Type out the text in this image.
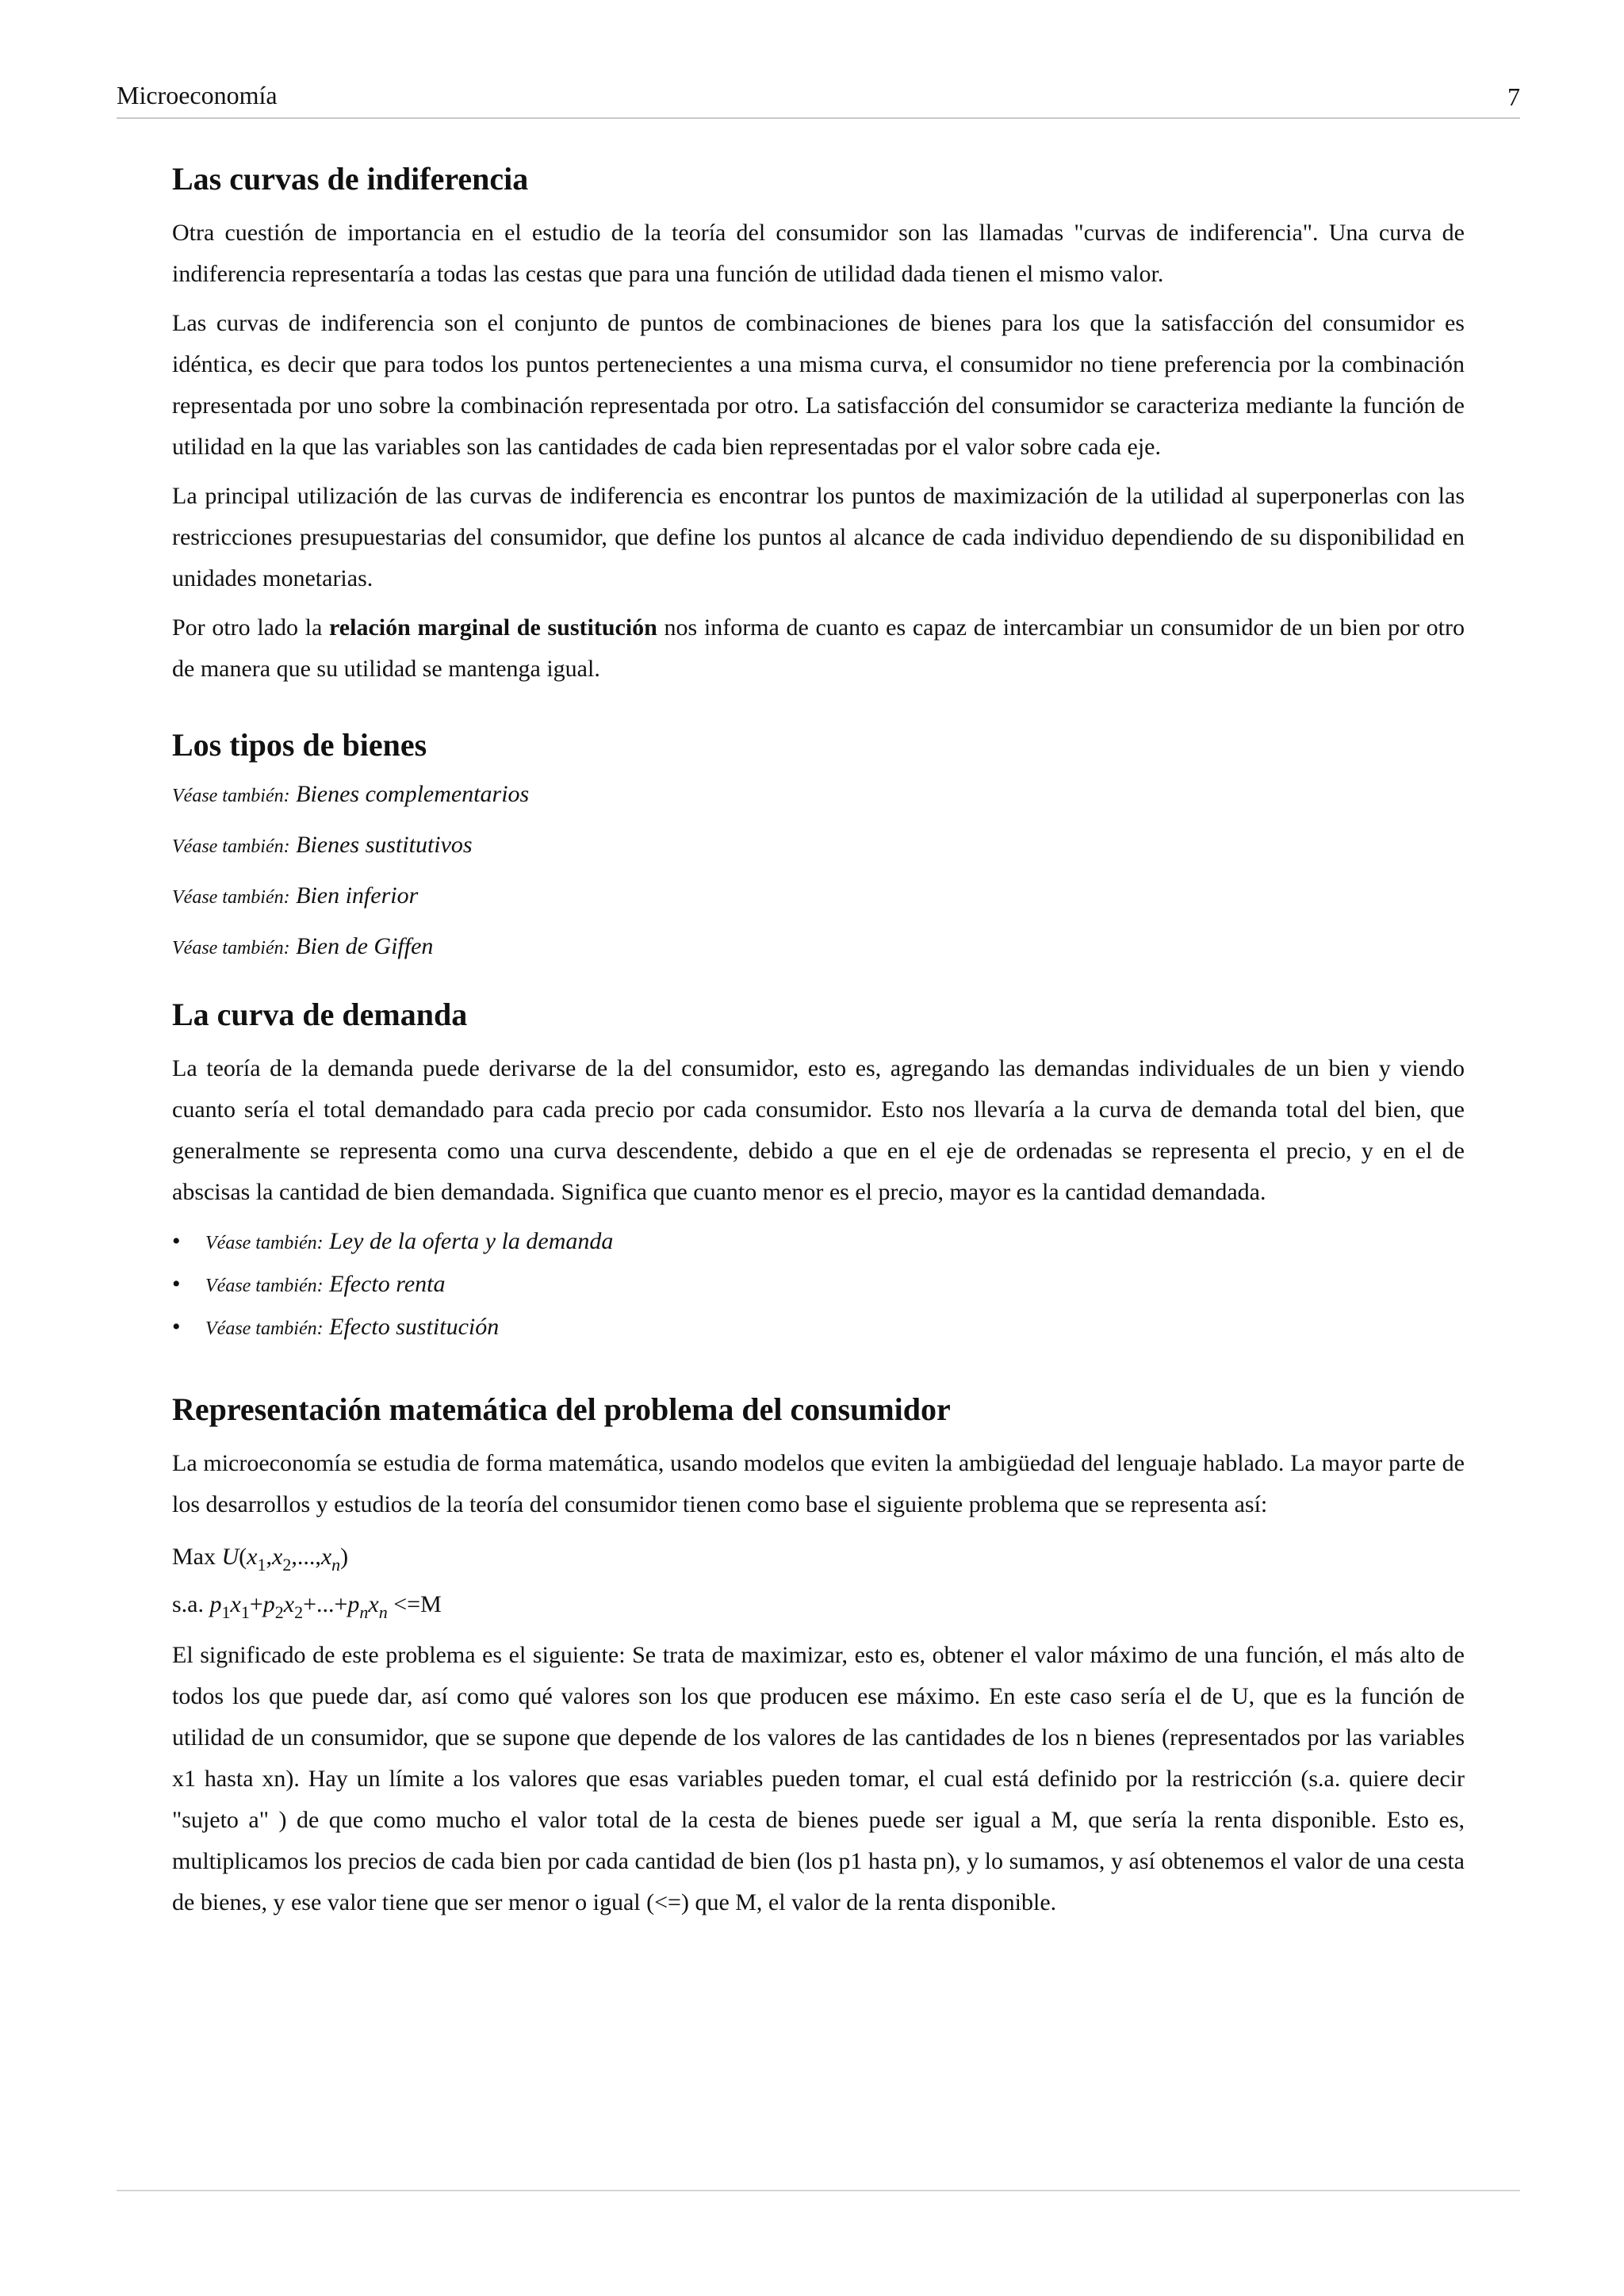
Microeconomía	7
Las curvas de indiferencia

Otra cuestión de importancia en el estudio de la teoría del consumidor son las llamadas "curvas de indiferencia". Una curva de indiferencia representaría a todas las cestas que para una función de utilidad dada tienen el mismo valor.

Las curvas de indiferencia son el conjunto de puntos de combinaciones de bienes para los que la satisfacción del consumidor es idéntica, es decir que para todos los puntos pertenecientes a una misma curva, el consumidor no tiene preferencia por la combinación representada por uno sobre la combinación representada por otro. La satisfacción del consumidor se caracteriza mediante la función de utilidad en la que las variables son las cantidades de cada bien representadas por el valor sobre cada eje.

La principal utilización de las curvas de indiferencia es encontrar los puntos de maximización de la utilidad al superponerlas con las restricciones presupuestarias del consumidor, que define los puntos al alcance de cada individuo dependiendo de su disponibilidad en unidades monetarias.

Por otro lado la relación marginal de sustitución nos informa de cuanto es capaz de intercambiar un consumidor de un bien por otro de manera que su utilidad se mantenga igual.

Los tipos de bienes
Véase también: Bienes complementarios
Véase también: Bienes sustitutivos
Véase también: Bien inferior
Véase también: Bien de Giffen
La curva de demanda

La teoría de la demanda puede derivarse de la del consumidor, esto es, agregando las demandas individuales de un bien y viendo cuanto sería el total demandado para cada precio por cada consumidor. Esto nos llevaría a la curva de demanda total del bien, que generalmente se representa como una curva descendente, debido a que en el eje de ordenadas se representa el precio, y en el de abscisas la cantidad de bien demandada. Significa que cuanto menor es el precio, mayor es la cantidad demandada.

• Véase también: Ley de la oferta y la demanda
• Véase también: Efecto renta
• Véase también: Efecto sustitución
Representación matemática del problema del consumidor

La microeconomía se estudia de forma matemática, usando modelos que eviten la ambigüedad del lenguaje hablado. La mayor parte de los desarrollos y estudios de la teoría del consumidor tienen como base el siguiente problema que se representa así:

Max $U(x_1,x_2,...,x_n)$
s.a. $p_1x_1+p_2x_2+...+p_nx_n <=M$

El significado de este problema es el siguiente: Se trata de maximizar, esto es, obtener el valor máximo de una función, el más alto de todos los que puede dar, así como qué valores son los que producen ese máximo. En este caso sería el de U, que es la función de utilidad de un consumidor, que se supone que depende de los valores de las cantidades de los n bienes (representados por las variables x1 hasta xn). Hay un límite a los valores que esas variables pueden tomar, el cual está definido por la restricción (s.a. quiere decir "sujeto a" ) de que como mucho el valor total de la cesta de bienes puede ser igual a M, que sería la renta disponible. Esto es, multiplicamos los precios de cada bien por cada cantidad de bien (los p1 hasta pn), y lo sumamos, y así obtenemos el valor de una cesta de bienes, y ese valor tiene que ser menor o igual (<=) que M, el valor de la renta disponible.
